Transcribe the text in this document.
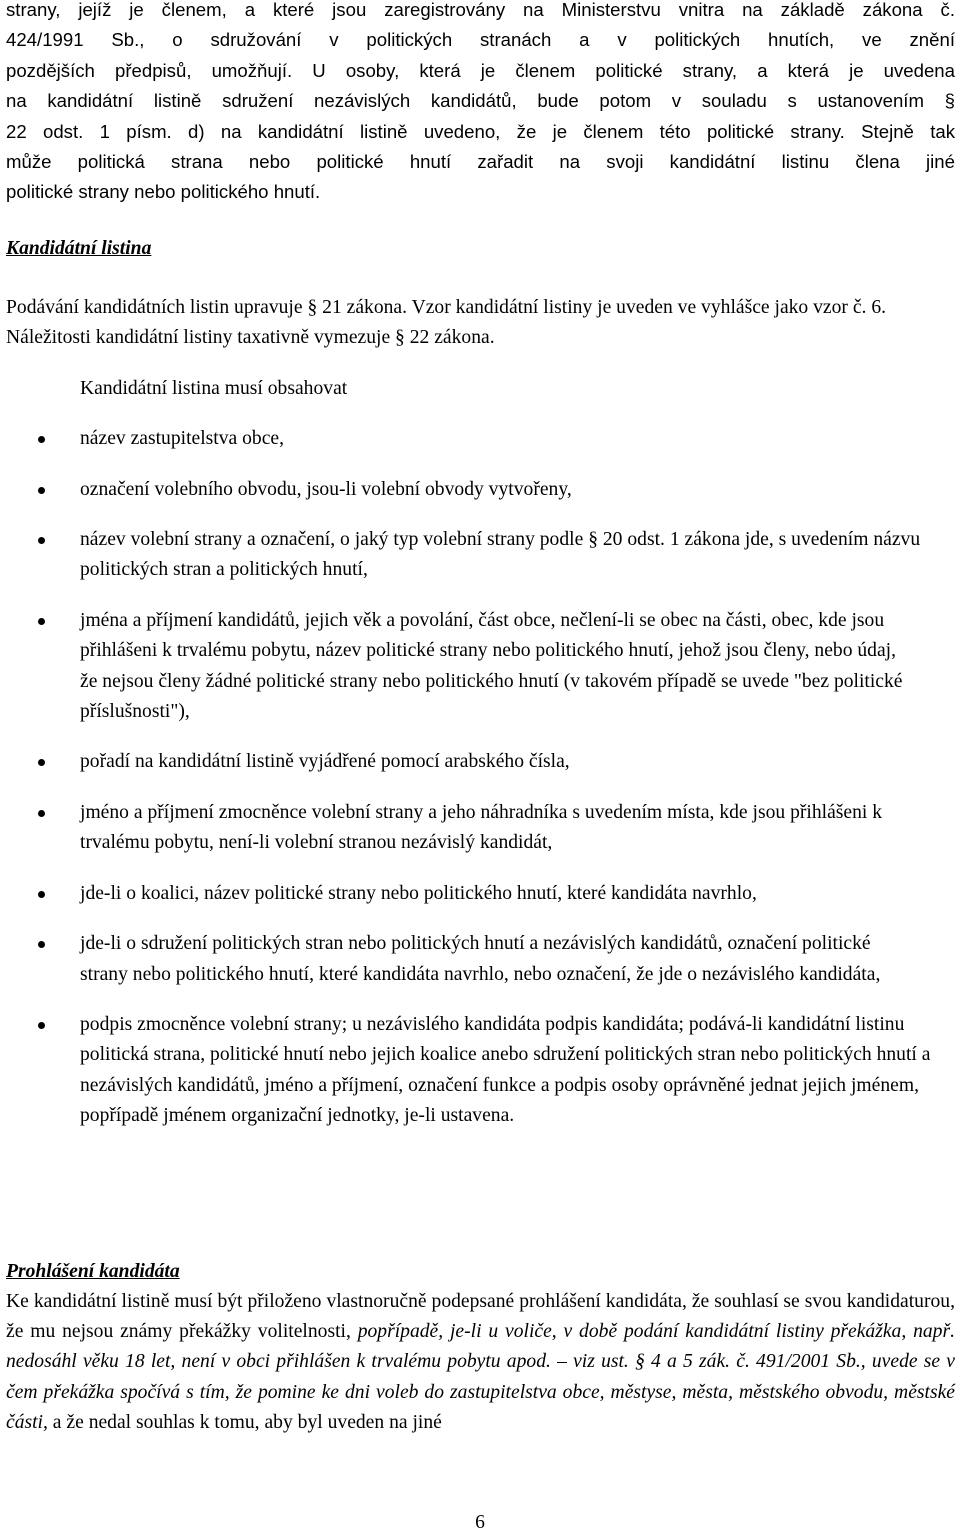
strany, jejíž je členem, a které jsou zaregistrovány na Ministerstvu vnitra na základě zákona č.

424/1991 Sb., o sdružování v politických stranách a v politických hnutích, ve znění

pozdějších předpisů, umožňují. U osoby, která je členem politické strany, a která je uvedena

na kandidátní listině sdružení nezávislých kandidátů, bude potom v souladu s ustanovením §

22 odst. 1 písm. d) na kandidátní listině uvedeno, že je členem této politické strany. Stejně tak

může politická strana nebo politické hnutí zařadit na svoji kandidátní listinu člena jiné

politické strany nebo politického hnutí.

Kandidátní listina

Podávání kandidátních listin upravuje § 21 zákona. Vzor kandidátní listiny je uveden ve vyhlášce jako vzor č. 6. Náležitosti kandidátní listiny taxativně vymezuje § 22 zákona.

Kandidátní listina musí obsahovat

název zastupitelstva obce,
označení volebního obvodu, jsou-li volební obvody vytvořeny,
název volební strany a označení, o jaký typ volební strany podle § 20 odst. 1 zákona jde, s uvedením názvu politických stran a politických hnutí,
jména a příjmení kandidátů, jejich věk a povolání, část obce, nečlení-li se obec na části, obec, kde jsou přihlášeni k trvalému pobytu, název politické strany nebo politického hnutí, jehož jsou členy, nebo údaj, že nejsou členy žádné politické strany nebo politického hnutí (v takovém případě se uvede "bez politické příslušnosti"),
pořadí na kandidátní listině vyjádřené pomocí arabského čísla,
jméno a příjmení zmocněnce volební strany a jeho náhradníka s uvedením místa, kde jsou přihlášeni k trvalému pobytu, není-li volební stranou nezávislý kandidát,
jde-li o koalici, název politické strany nebo politického hnutí, které kandidáta navrhlo,
jde-li o sdružení politických stran nebo politických hnutí a nezávislých kandidátů, označení politické strany nebo politického hnutí, které kandidáta navrhlo, nebo označení, že jde o nezávislého kandidáta,
podpis zmocněnce volební strany; u nezávislého kandidáta podpis kandidáta; podává-li kandidátní listinu politická strana, politické hnutí nebo jejich koalice anebo sdružení politických stran nebo politických hnutí a nezávislých kandidátů, jméno a příjmení, označení funkce a podpis osoby oprávněné jednat jejich jménem, popřípadě jménem organizační jednotky, je-li ustavena.

Prohlášení kandidáta

Ke kandidátní listině musí být přiloženo vlastnoručně podepsané prohlášení kandidáta, že souhlasí se svou kandidaturou, že mu nejsou známy překážky volitelnosti, popřípadě, je-li u voliče, v době podání kandidátní listiny překážka, např. nedosáhl věku 18 let, není v obci přihlášen k trvalému pobytu apod. – viz ust. § 4 a 5 zák. č. 491/2001 Sb., uvede se v čem překážka spočívá s tím, že pomine ke dni voleb do zastupitelstva obce, městyse, města, městského obvodu, městské části, a že nedal souhlas k tomu, aby byl uveden na jiné

6
